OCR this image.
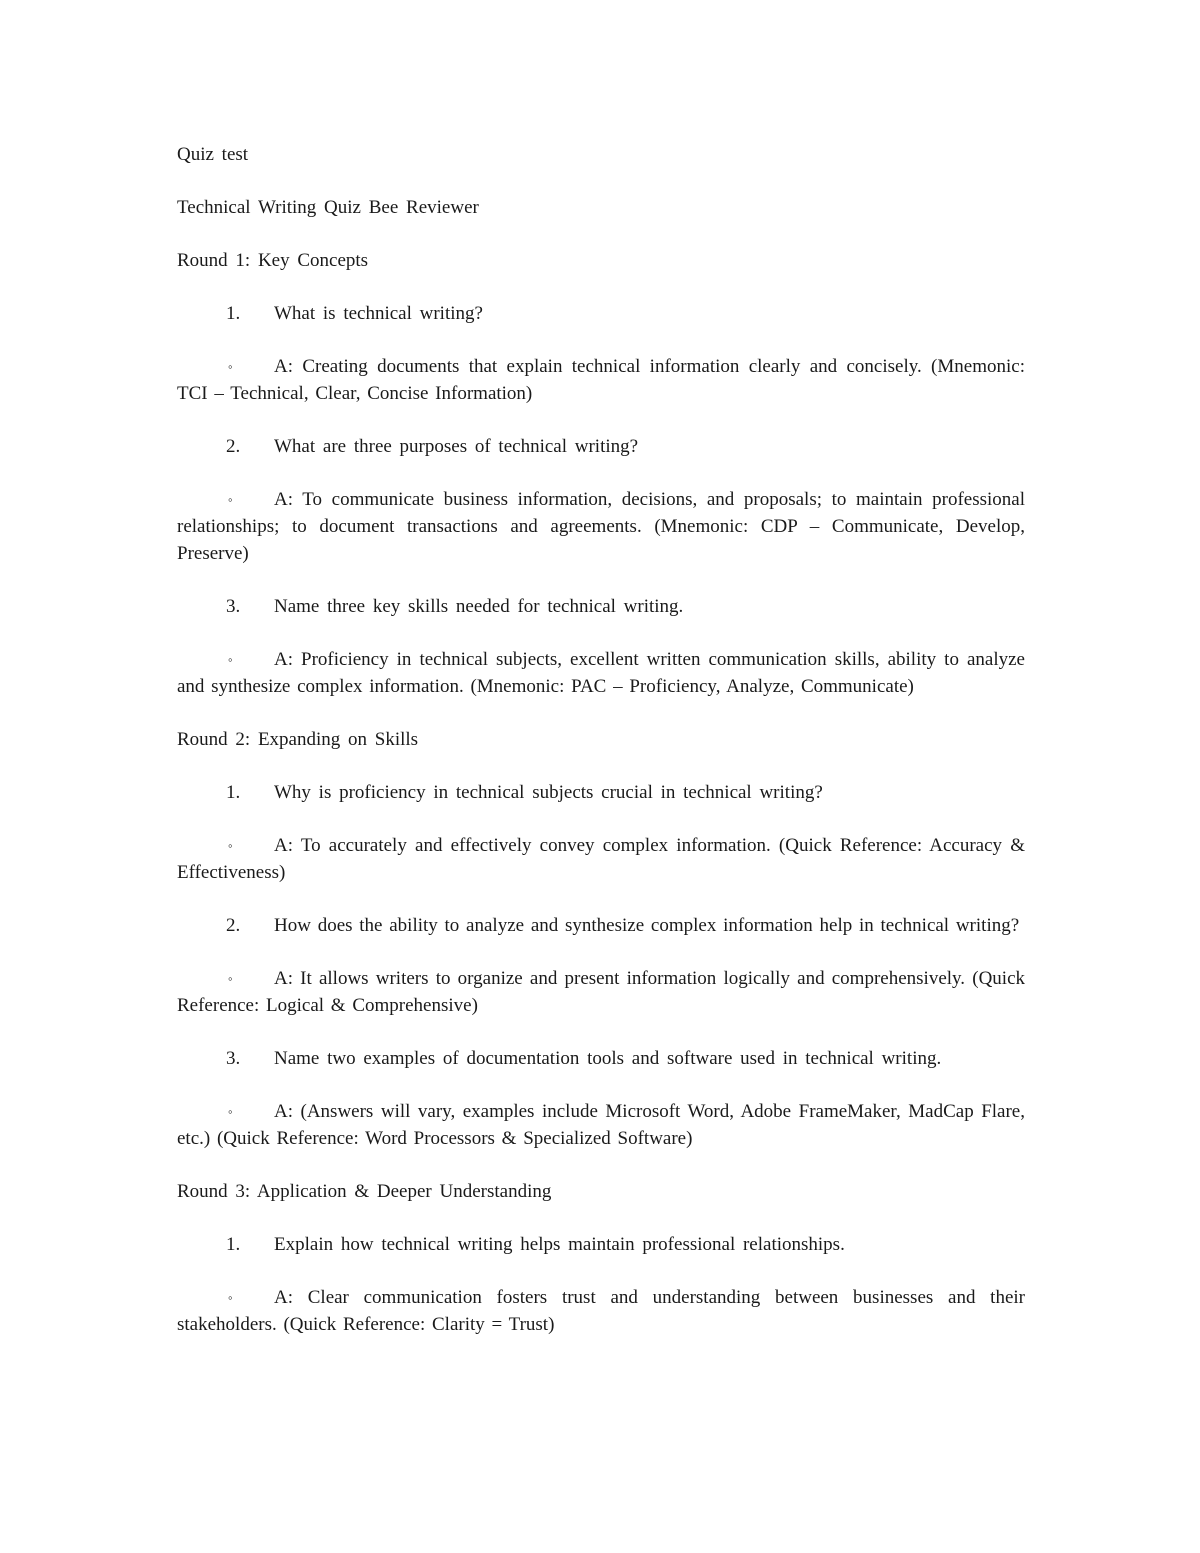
Quiz test

Technical Writing Quiz Bee Reviewer

Round 1: Key Concepts

1. What is technical writing?

◦ A: Creating documents that explain technical information clearly and concisely. (Mnemonic: TCI – Technical, Clear, Concise Information)

2. What are three purposes of technical writing?

◦ A: To communicate business information, decisions, and proposals; to maintain professional relationships; to document transactions and agreements. (Mnemonic: CDP – Communicate, Develop, Preserve)

3. Name three key skills needed for technical writing.

◦ A: Proficiency in technical subjects, excellent written communication skills, ability to analyze and synthesize complex information. (Mnemonic: PAC – Proficiency, Analyze, Communicate)

Round 2: Expanding on Skills

1. Why is proficiency in technical subjects crucial in technical writing?

◦ A: To accurately and effectively convey complex information. (Quick Reference: Accuracy & Effectiveness)

2. How does the ability to analyze and synthesize complex information help in technical writing?

◦ A: It allows writers to organize and present information logically and comprehensively. (Quick Reference: Logical & Comprehensive)

3. Name two examples of documentation tools and software used in technical writing.

◦ A: (Answers will vary, examples include Microsoft Word, Adobe FrameMaker, MadCap Flare, etc.) (Quick Reference: Word Processors & Specialized Software)

Round 3: Application & Deeper Understanding

1. Explain how technical writing helps maintain professional relationships.

◦ A: Clear communication fosters trust and understanding between businesses and their stakeholders. (Quick Reference: Clarity = Trust)
